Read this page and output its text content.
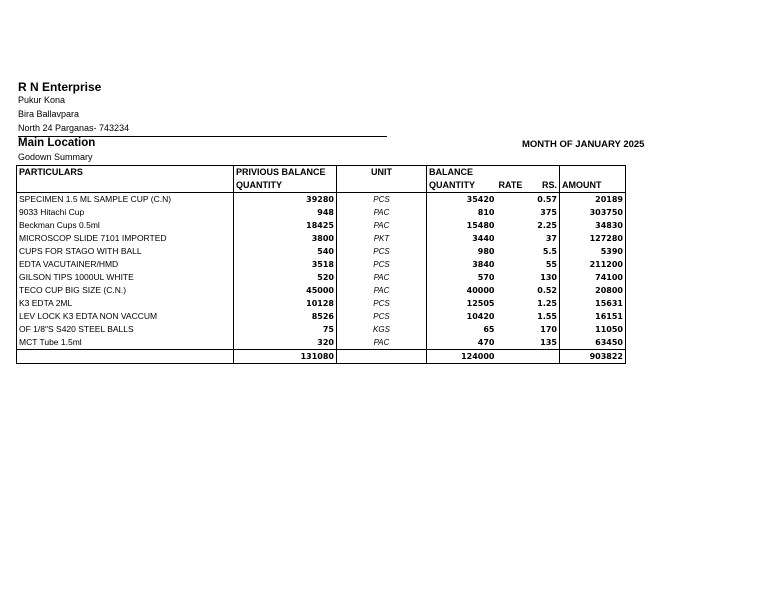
R N Enterprise
Pukur Kona
Bira Ballavpara
North 24 Parganas- 743234
Main Location	MONTH OF JANUARY 2025
Godown Summary
PARTICULARS	PRIVIOUS BALANCE	UNIT	BALANCE			
	QUANTITY		QUANTITY	RATE	RS.	AMOUNT
SPECIMEN 1.5 ML SAMPLE CUP (C.N)	39280	PCS	35420		0.57	20189
9033 Hitachi Cup	948	PAC	810		375	303750
Beckman Cups 0.5ml	18425	PAC	15480		2.25	34830
MICROSCOP SLIDE 7101 IMPORTED	3800	PKT	3440		37	127280
CUPS FOR STAGO WITH BALL	540	PCS	980		5.5	5390
EDTA VACUTAINER/HMD	3518	PCS	3840		55	211200
GILSON TIPS 1000UL WHITE	520	PAC	570		130	74100
TECO CUP BIG SIZE (C.N.)	45000	PAC	40000		0.52	20800
K3 EDTA 2ML	10128	PCS	12505		1.25	15631
LEV LOCK K3 EDTA NON VACCUM	8526	PCS	10420		1.55	16151
OF 1/8"S S420 STEEL BALLS	75	KGS	65		170	11050
MCT Tube 1.5ml	320	PAC	470		135	63450
	131080		124000			903822
